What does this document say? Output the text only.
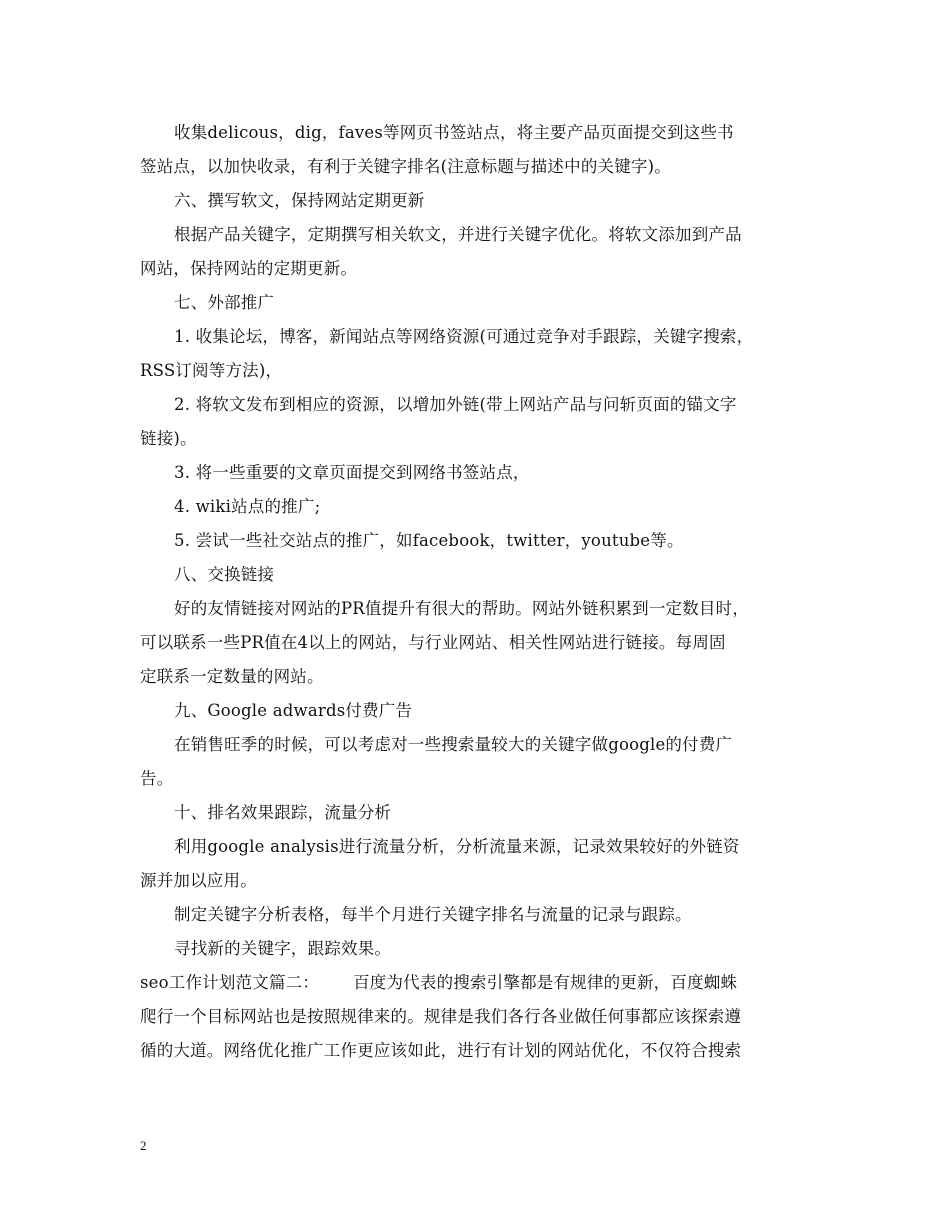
收集delicous，dig，faves等网页书签站点，将主要产品页面提交到这些书
签站点，以加快收录，有利于关键字排名(注意标题与描述中的关键字)。
六、撰写软文，保持网站定期更新
根据产品关键字，定期撰写相关软文，并进行关键字优化。将软文添加到产品
网站，保持网站的定期更新。
七、外部推广
1. 收集论坛，博客，新闻站点等网络资源(可通过竞争对手跟踪，关键字搜索，
RSS订阅等方法)，
2. 将软文发布到相应的资源，以增加外链(带上网站产品与问斩页面的锚文字
链接)。
3. 将一些重要的文章页面提交到网络书签站点，
4. wiki站点的推广;
5. 尝试一些社交站点的推广，如facebook，twitter，youtube等。
八、交换链接
好的友情链接对网站的PR值提升有很大的帮助。网站外链积累到一定数目时，
可以联系一些PR值在4以上的网站，与行业网站、相关性网站进行链接。每周固
定联系一定数量的网站。
九、Google adwards付费广告
在销售旺季的时候，可以考虑对一些搜索量较大的关键字做google的付费广
告。
十、排名效果跟踪，流量分析
利用google analysis进行流量分析，分析流量来源，记录效果较好的外链资
源并加以应用。
制定关键字分析表格，每半个月进行关键字排名与流量的记录与跟踪。
寻找新的关键字，跟踪效果。
seo工作计划范文篇二： 百度为代表的搜索引擎都是有规律的更新，百度蜘蛛
爬行一个目标网站也是按照规律来的。规律是我们各行各业做任何事都应该探索遵
循的大道。网络优化推广工作更应该如此，进行有计划的网站优化，不仅符合搜索
2
